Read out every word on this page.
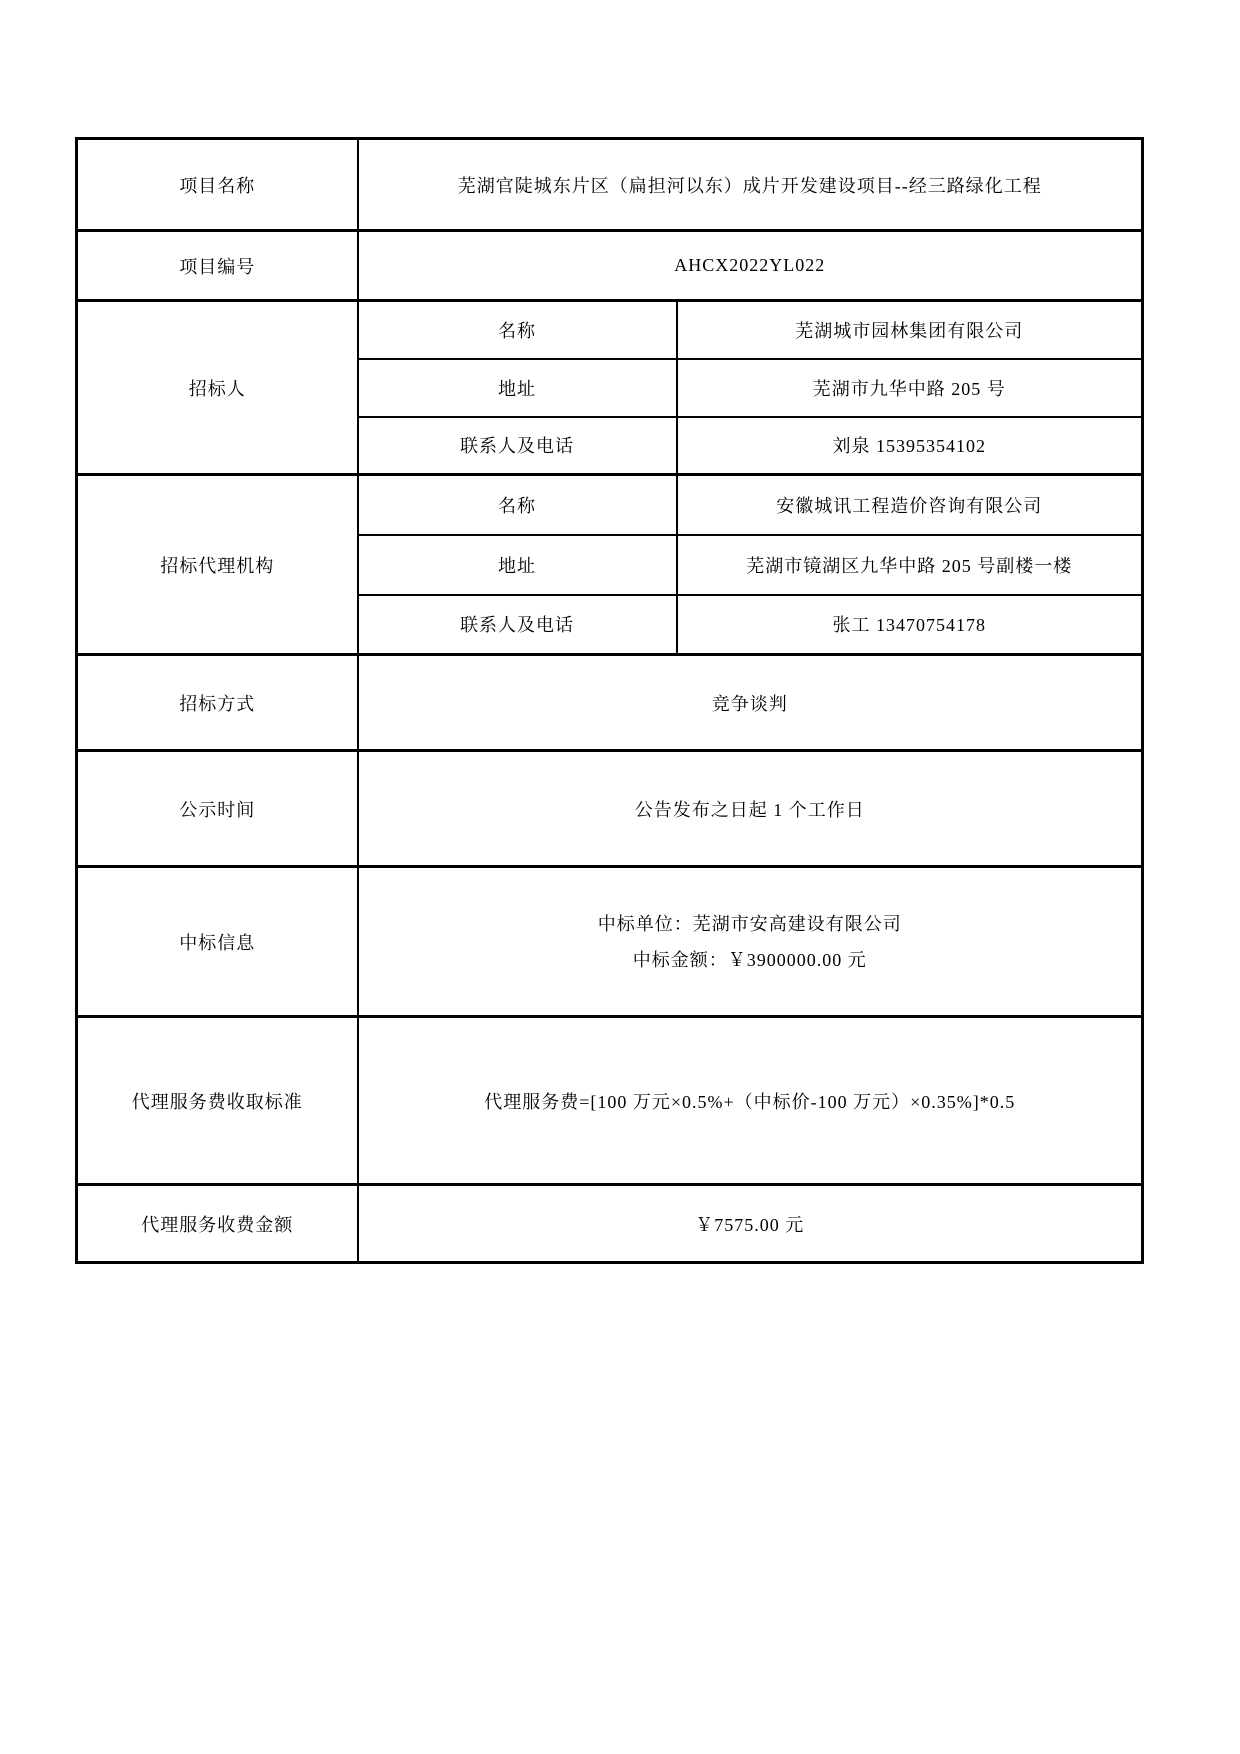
项目名称	芜湖官陡城东片区（扁担河以东）成片开发建设项目--经三路绿化工程	
项目编号	AHCX2022YL022	
招标人	名称	芜湖城市园林集团有限公司
	地址	芜湖市九华中路 205 号
	联系人及电话	刘泉 15395354102
招标代理机构	名称	安徽城讯工程造价咨询有限公司
	地址	芜湖市镜湖区九华中路 205 号副楼一楼
	联系人及电话	张工 13470754178
招标方式	竞争谈判	
公示时间	公告发布之日起 1 个工作日	
中标信息	中标单位：芜湖市安高建设有限公司
中标金额：￥3900000.00 元	

代理服务费收取标准	代理服务费=[100 万元×0.5%+（中标价-100 万元）×0.35%]*0.5	
代理服务收费金额	￥7575.00 元	
